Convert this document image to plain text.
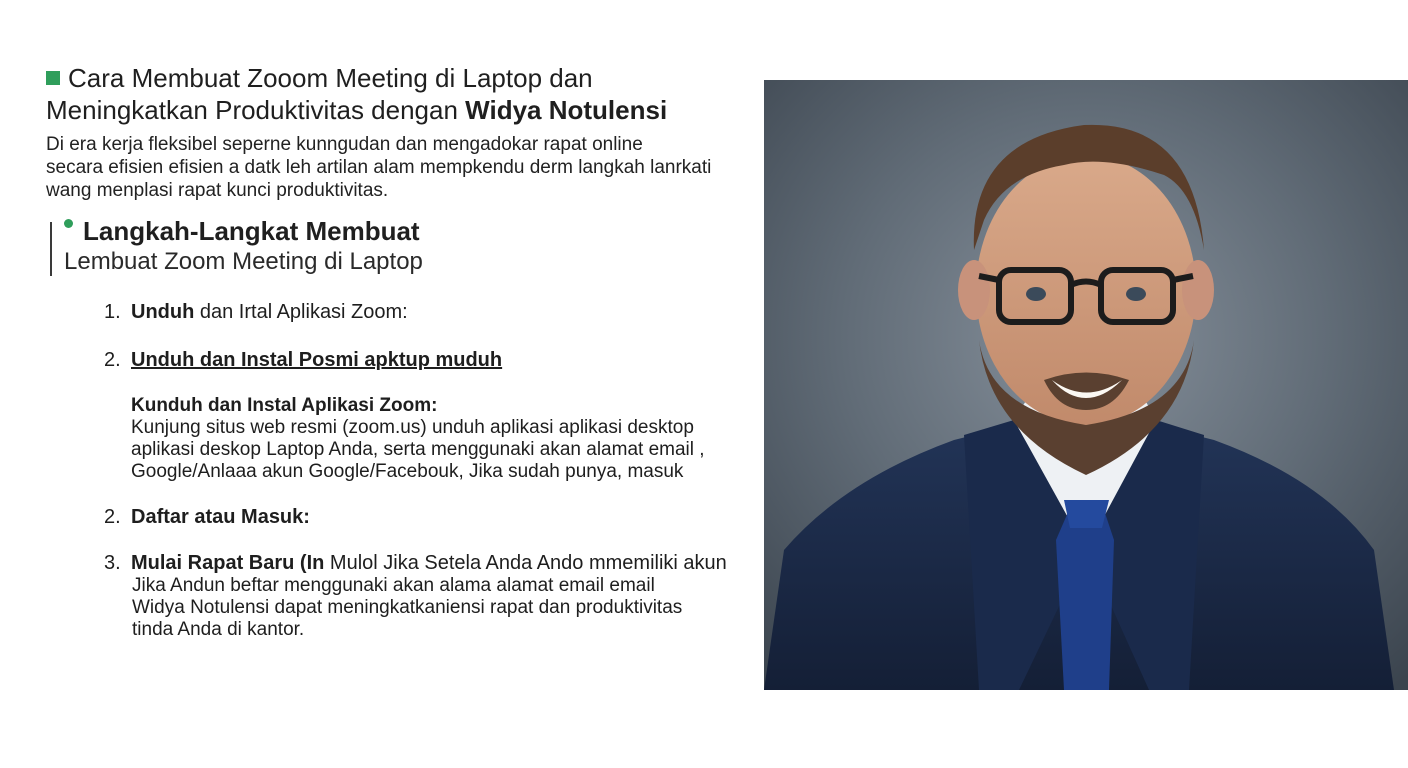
Cara Membuat Zooom Meeting di Laptop dan
Meningkatkan Produktivitas dengan Widya Notulensi
Di era kerja fleksibel seperne kunngudan dan mengadokar rapat online
secara efisien efisien a datk leh artilan alam mempkendu derm langkah lanrkati
wang menplasi rapat kunci produktivitas.
Langkah-Langkat Membuat
Lembuat Zoom Meeting di Laptop
1. Unduh dan Irtal Aplikasi Zoom:
2. Unduh dan Instal Posmi apktup muduh
Kunduh dan Instal Aplikasi Zoom:
Kunjung situs web resmi (zoom.us) unduh aplikasi aplikasi desktop
aplikasi deskop Laptop Anda, serta menggunaki akan alamat email ,
Google/Anlaaa akun Google/Facebouk, Jika sudah punya, masuk
2. Daftar atau Masuk:
3. Mulai Rapat Baru (In Mulol Jika Setela Anda Ando mmemiliki akun
Jika Andun beftar menggunaki akan alama alamat email email
Widya Notulensi dapat meningkatkaniensi rapat dan produktivitas
tinda Anda di kantor.
